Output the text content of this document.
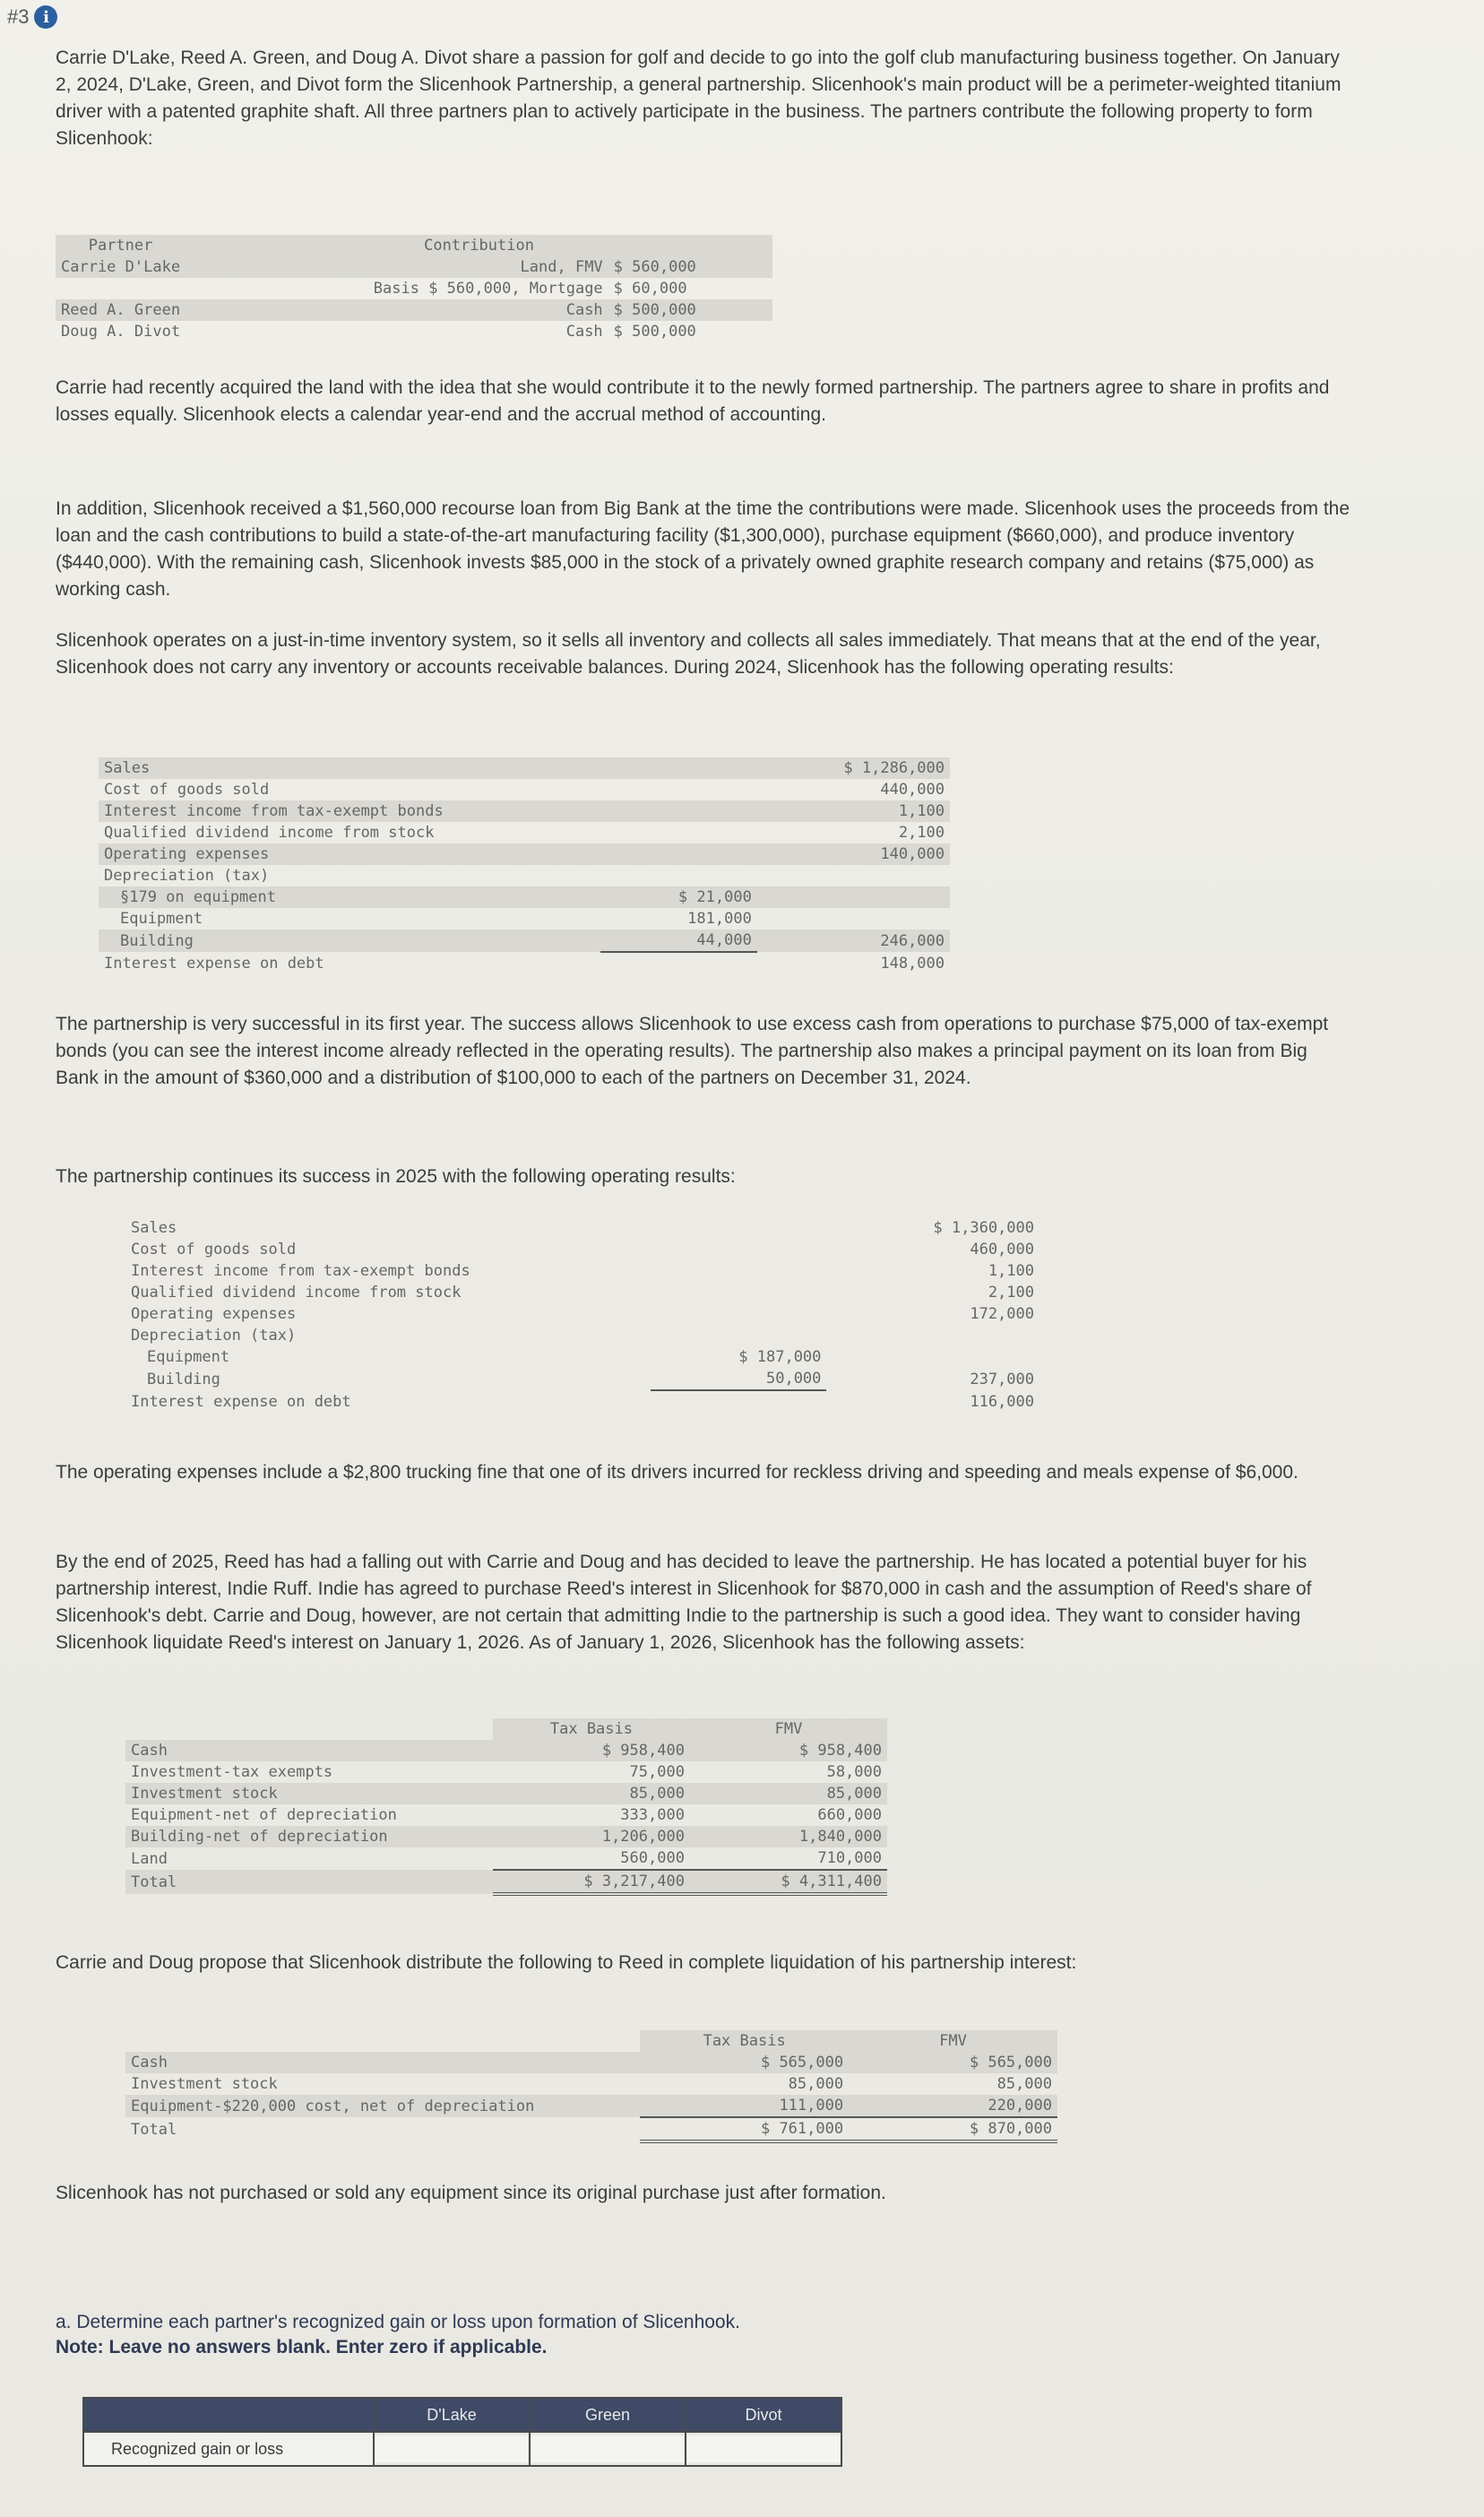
#3 i

Carrie D'Lake, Reed A. Green, and Doug A. Divot share a passion for golf and decide to go into the golf club manufacturing business together. On January 2, 2024, D'Lake, Green, and Divot form the Slicenhook Partnership, a general partnership. Slicenhook's main product will be a perimeter-weighted titanium driver with a patented graphite shaft. All three partners plan to actively participate in the business. The partners contribute the following property to form Slicenhook:

Partner	Contribution	
Carrie D'Lake	Land, FMV	$ 560,000
	Basis $ 560,000, Mortgage	$ 60,000
Reed A. Green	Cash	$ 500,000
Doug A. Divot	Cash	$ 500,000

Carrie had recently acquired the land with the idea that she would contribute it to the newly formed partnership. The partners agree to share in profits and losses equally. Slicenhook elects a calendar year-end and the accrual method of accounting.

In addition, Slicenhook received a $1,560,000 recourse loan from Big Bank at the time the contributions were made. Slicenhook uses the proceeds from the loan and the cash contributions to build a state-of-the-art manufacturing facility ($1,300,000), purchase equipment ($660,000), and produce inventory ($440,000). With the remaining cash, Slicenhook invests $85,000 in the stock of a privately owned graphite research company and retains ($75,000) as working cash.

Slicenhook operates on a just-in-time inventory system, so it sells all inventory and collects all sales immediately. That means that at the end of the year, Slicenhook does not carry any inventory or accounts receivable balances. During 2024, Slicenhook has the following operating results:

Sales		$ 1,286,000
Cost of goods sold		440,000
Interest income from tax-exempt bonds		1,100
Qualified dividend income from stock		2,100
Operating expenses		140,000
Depreciation (tax)		
§179 on equipment	$ 21,000	
Equipment	181,000	
Building	44,000	246,000
Interest expense on debt		148,000

The partnership is very successful in its first year. The success allows Slicenhook to use excess cash from operations to purchase $75,000 of tax-exempt bonds (you can see the interest income already reflected in the operating results). The partnership also makes a principal payment on its loan from Big Bank in the amount of $360,000 and a distribution of $100,000 to each of the partners on December 31, 2024.

The partnership continues its success in 2025 with the following operating results:

Sales		$ 1,360,000
Cost of goods sold		460,000
Interest income from tax-exempt bonds		1,100
Qualified dividend income from stock		2,100
Operating expenses		172,000
Depreciation (tax)		
Equipment	$ 187,000	
Building	50,000	237,000
Interest expense on debt		116,000

The operating expenses include a $2,800 trucking fine that one of its drivers incurred for reckless driving and speeding and meals expense of $6,000.

By the end of 2025, Reed has had a falling out with Carrie and Doug and has decided to leave the partnership. He has located a potential buyer for his partnership interest, Indie Ruff. Indie has agreed to purchase Reed's interest in Slicenhook for $870,000 in cash and the assumption of Reed's share of Slicenhook's debt. Carrie and Doug, however, are not certain that admitting Indie to the partnership is such a good idea. They want to consider having Slicenhook liquidate Reed's interest on January 1, 2026. As of January 1, 2026, Slicenhook has the following assets:

	Tax Basis	FMV
Cash	$ 958,400	$ 958,400
Investment-tax exempts	75,000	58,000
Investment stock	85,000	85,000
Equipment-net of depreciation	333,000	660,000
Building-net of depreciation	1,206,000	1,840,000
Land	560,000	710,000
Total	$ 3,217,400	$ 4,311,400

Carrie and Doug propose that Slicenhook distribute the following to Reed in complete liquidation of his partnership interest:

	Tax Basis	FMV
Cash	$ 565,000	$ 565,000
Investment stock	85,000	85,000
Equipment-$220,000 cost, net of depreciation	111,000	220,000
Total	$ 761,000	$ 870,000

Slicenhook has not purchased or sold any equipment since its original purchase just after formation.

a. Determine each partner's recognized gain or loss upon formation of Slicenhook.

Note: Leave no answers blank. Enter zero if applicable.

	D'Lake	Green	Divot
Recognized gain or loss			
